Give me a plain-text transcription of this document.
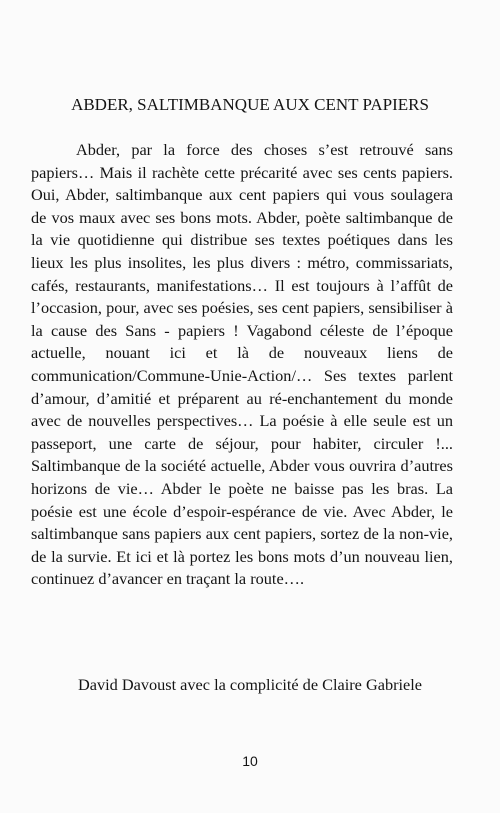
ABDER, SALTIMBANQUE AUX CENT PAPIERS

Abder, par la force des choses s’est retrouvé sans papiers… Mais il rachète cette précarité avec ses cents papiers. Oui, Abder, saltimbanque aux cent papiers qui vous soulagera de vos maux avec ses bons mots. Abder, poète saltimbanque de la vie quotidienne qui distribue ses textes poétiques dans les lieux les plus insolites, les plus divers : métro, commissariats, cafés, restaurants, manifestations… Il est toujours à l’affût de l’occasion, pour, avec ses poésies, ses cent papiers, sensibiliser à la cause des Sans - papiers ! Vagabond céleste de l’époque actuelle, nouant ici et là de nouveaux liens de communication/Commune-Unie-Action/… Ses textes parlent d’amour, d’amitié et préparent au ré-enchantement du monde avec de nouvelles perspectives… La poésie à elle seule est un passeport, une carte de séjour, pour habiter, circuler !... Saltimbanque de la société actuelle, Abder vous ouvrira d’autres horizons de vie… Abder le poète ne baisse pas les bras. La poésie est une école d’espoir-espérance de vie. Avec Abder, le saltimbanque sans papiers aux cent papiers, sortez de la non-vie, de la survie. Et ici et là portez les bons mots d’un nouveau lien, continuez d’avancer en traçant la route….

David Davoust avec la complicité de Claire Gabriele
10
